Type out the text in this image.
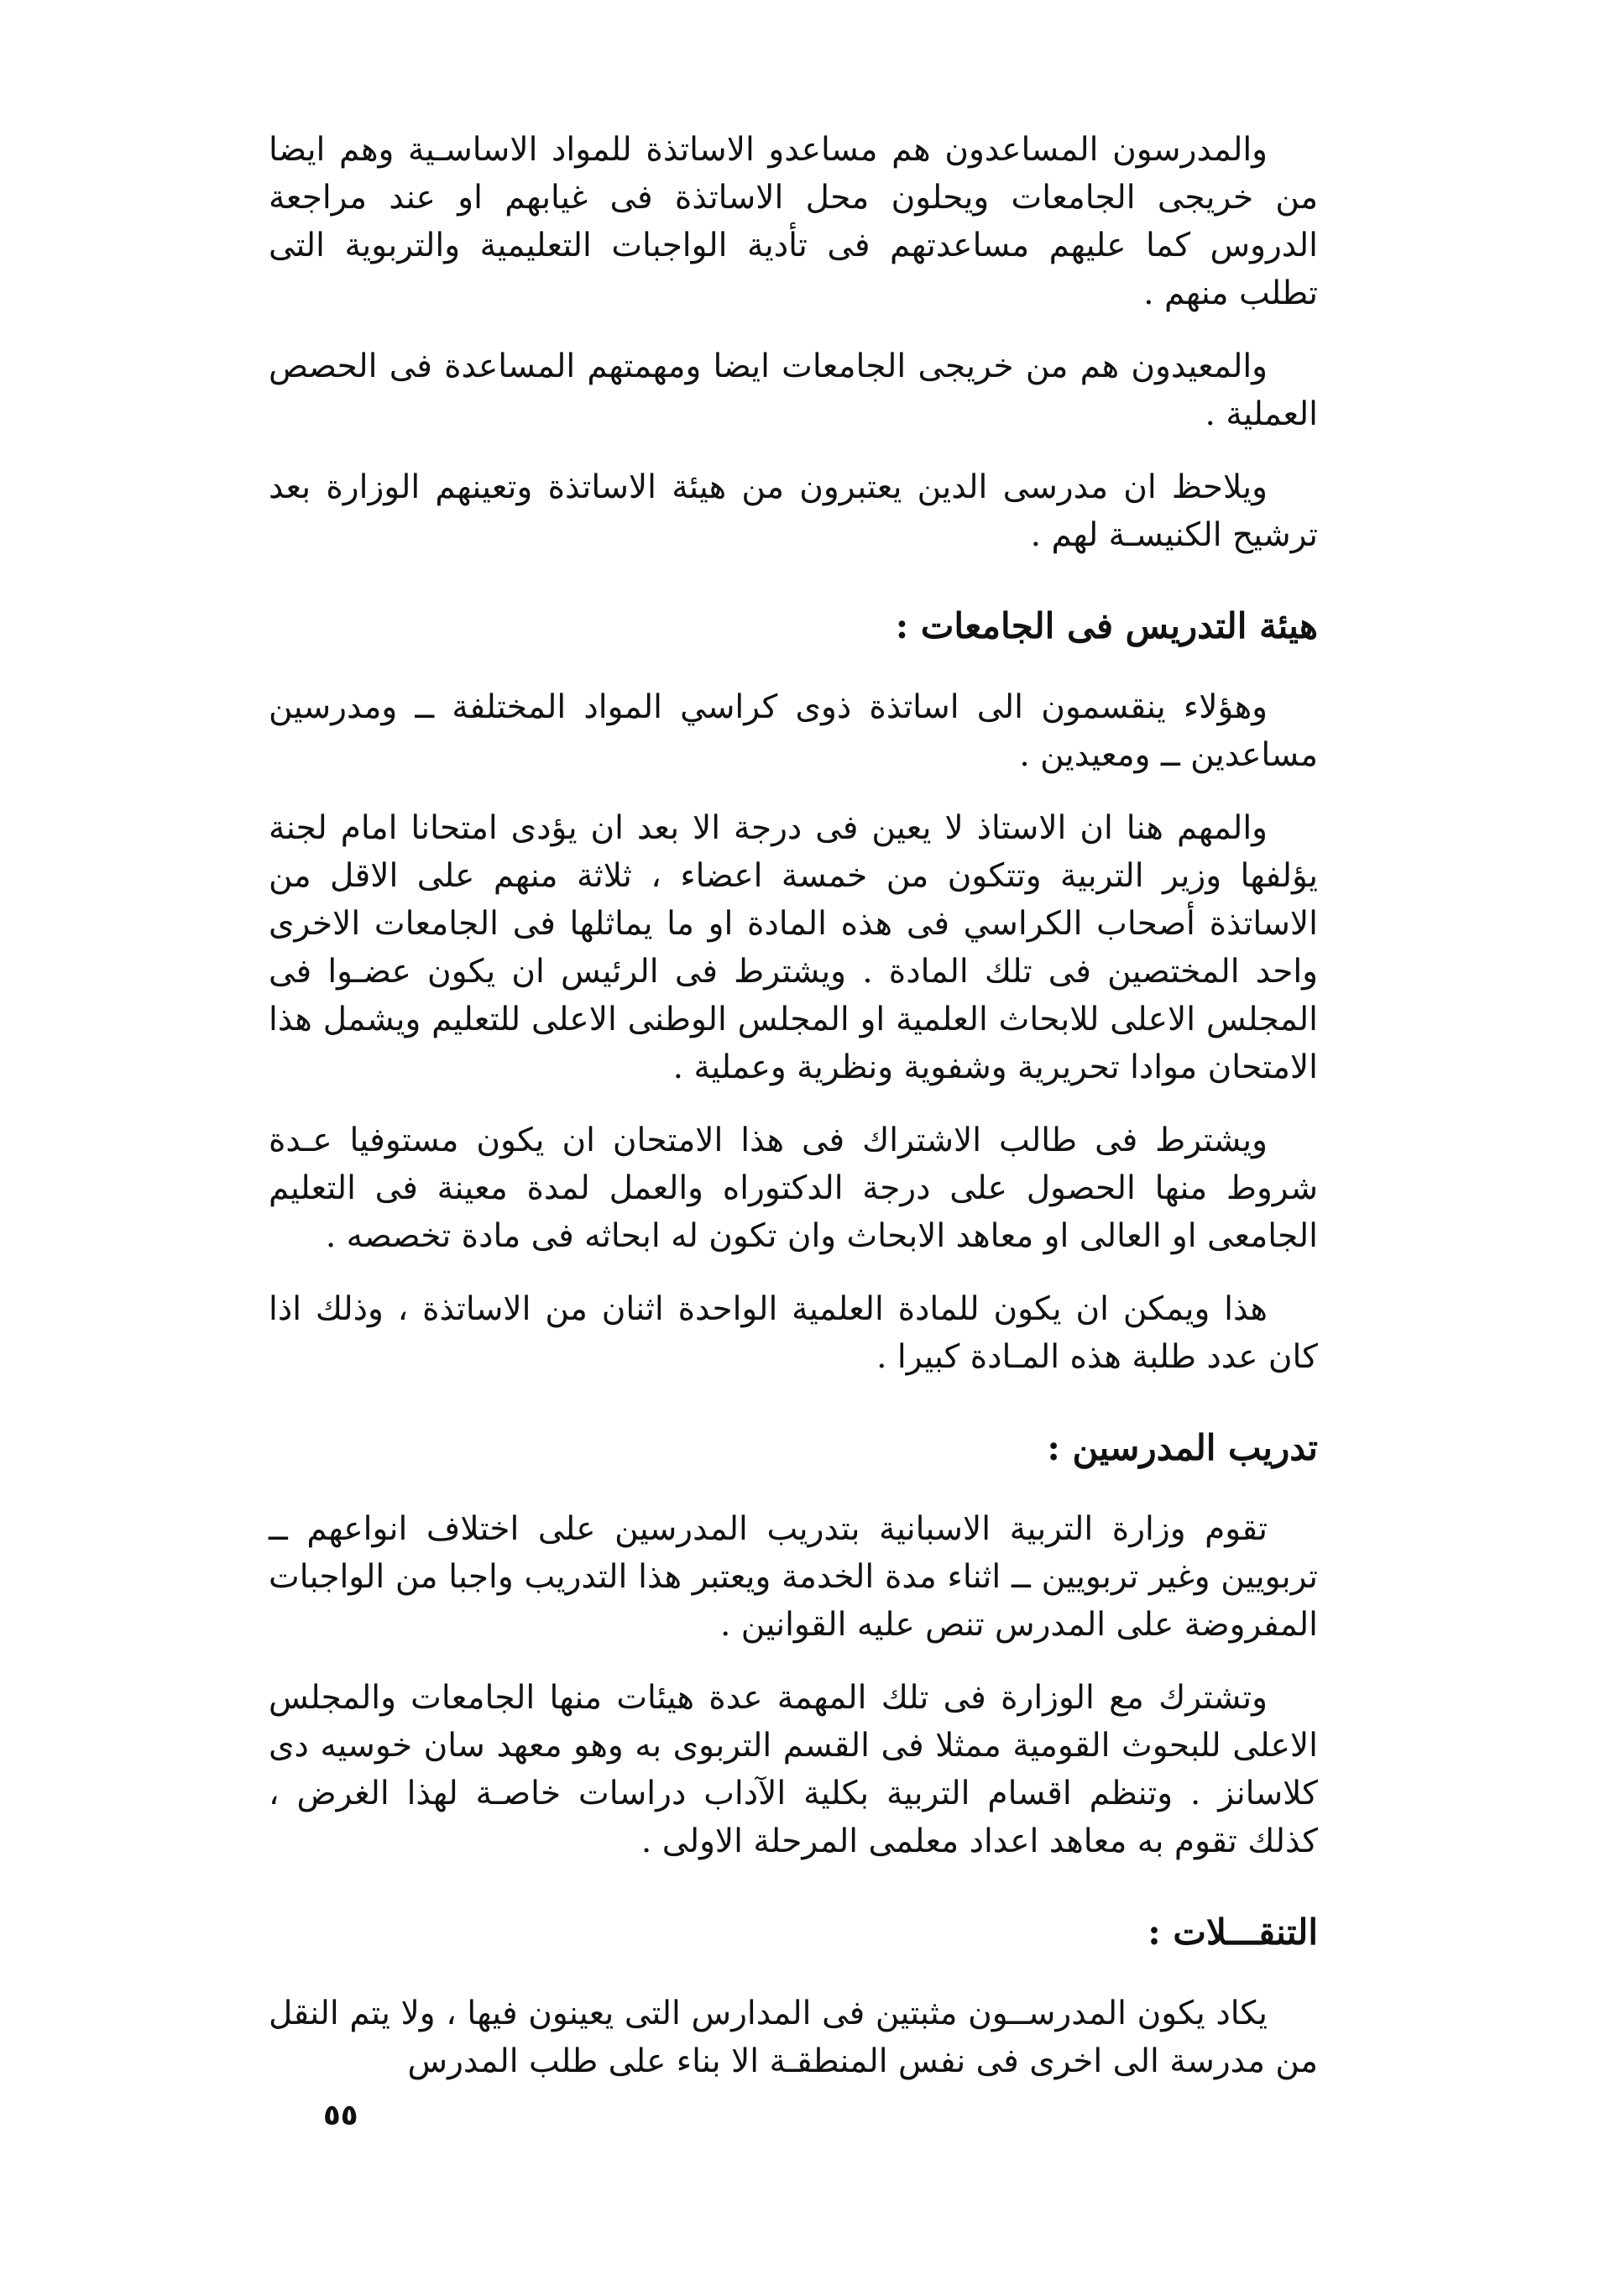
والمدرسون المساعدون هم مساعدو الاساتذة للمواد الاساسـية وهم ايضا من خريجى الجامعات ويحلون محل الاساتذة فى غيابهم او عند مراجعة الدروس كما عليهم مساعدتهم فى تأدية الواجبات التعليمية والتربوية التى تطلب منهم .

والمعيدون هم من خريجى الجامعات ايضا ومهمتهم المساعدة فى الحصص العملية .

ويلاحظ ان مدرسى الدين يعتبرون من هيئة الاساتذة وتعينهم الوزارة بعد ترشيح الكنيسـة لهم .

هيئة التدريس فى الجامعات :

وهؤلاء ينقسمون الى اساتذة ذوى كراسي المواد المختلفة ــ ومدرسين مساعدين ــ ومعيدين .

والمهم هنا ان الاستاذ لا يعين فى درجة الا بعد ان يؤدى امتحانا امام لجنة يؤلفها وزير التربية وتتكون من خمسة اعضاء ، ثلاثة منهم على الاقل من الاساتذة أصحاب الكراسي فى هذه المادة او ما يماثلها فى الجامعات الاخرى واحد المختصين فى تلك المادة . ويشترط فى الرئيس ان يكون عضـوا فى المجلس الاعلى للابحاث العلمية او المجلس الوطنى الاعلى للتعليم ويشمل هذا الامتحان موادا تحريرية وشفوية ونظرية وعملية .

ويشترط فى طالب الاشتراك فى هذا الامتحان ان يكون مستوفيا عـدة شروط منها الحصول على درجة الدكتوراه والعمل لمدة معينة فى التعليم الجامعى او العالى او معاهد الابحاث وان تكون له ابحاثه فى مادة تخصصه .

هذا ويمكن ان يكون للمادة العلمية الواحدة اثنان من الاساتذة ، وذلك اذا كان عدد طلبة هذه المـادة كبيرا .

تدريب المدرسين :

تقوم وزارة التربية الاسبانية بتدريب المدرسين على اختلاف انواعهم ــ تربويين وغير تربويين ــ اثناء مدة الخدمة ويعتبر هذا التدريب واجبا من الواجبات المفروضة على المدرس تنص عليه القوانين .

وتشترك مع الوزارة فى تلك المهمة عدة هيئات منها الجامعات والمجلس الاعلى للبحوث القومية ممثلا فى القسم التربوى به وهو معهد سان خوسيه دى كلاسانز . وتنظم اقسام التربية بكلية الآداب دراسات خاصـة لهذا الغرض ، كذلك تقوم به معاهد اعداد معلمى المرحلة الاولى .

التنقـــلات :

يكاد يكون المدرســون مثبتين فى المدارس التى يعينون فيها ، ولا يتم النقل من مدرسة الى اخرى فى نفس المنطقـة الا بناء على طلب المدرس

٥٥
